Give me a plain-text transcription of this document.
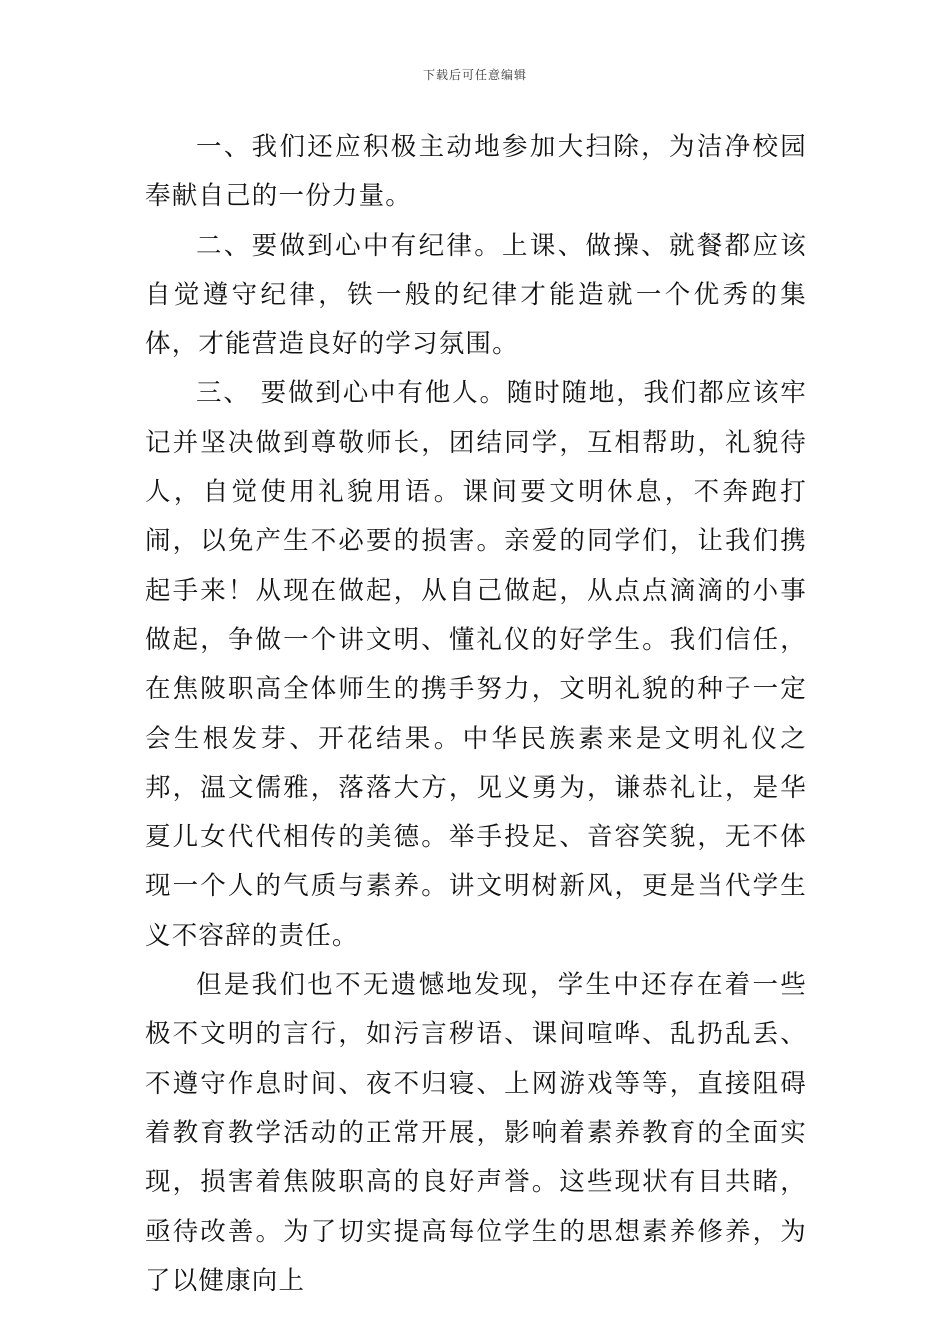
下载后可任意编辑

一、我们还应积极主动地参加大扫除，为洁净校园奉献自己的一份力量。

二、要做到心中有纪律。上课、做操、就餐都应该自觉遵守纪律，铁一般的纪律才能造就一个优秀的集体，才能营造良好的学习氛围。

三、 要做到心中有他人。随时随地，我们都应该牢记并坚决做到尊敬师长，团结同学，互相帮助，礼貌待人，自觉使用礼貌用语。课间要文明休息，不奔跑打闹，以免产生不必要的损害。亲爱的同学们，让我们携起手来！从现在做起，从自己做起，从点点滴滴的小事做起，争做一个讲文明、懂礼仪的好学生。我们信任，在焦陂职高全体师生的携手努力，文明礼貌的种子一定会生根发芽、开花结果。中华民族素来是文明礼仪之邦，温文儒雅，落落大方，见义勇为，谦恭礼让，是华夏儿女代代相传的美德。举手投足、音容笑貌，无不体现一个人的气质与素养。讲文明树新风，更是当代学生义不容辞的责任。

但是我们也不无遗憾地发现，学生中还存在着一些极不文明的言行，如污言秽语、课间喧哗、乱扔乱丢、不遵守作息时间、夜不归寝、上网游戏等等，直接阻碍着教育教学活动的正常开展，影响着素养教育的全面实现，损害着焦陂职高的良好声誉。这些现状有目共睹，亟待改善。为了切实提高每位学生的思想素养修养，为了以健康向上
